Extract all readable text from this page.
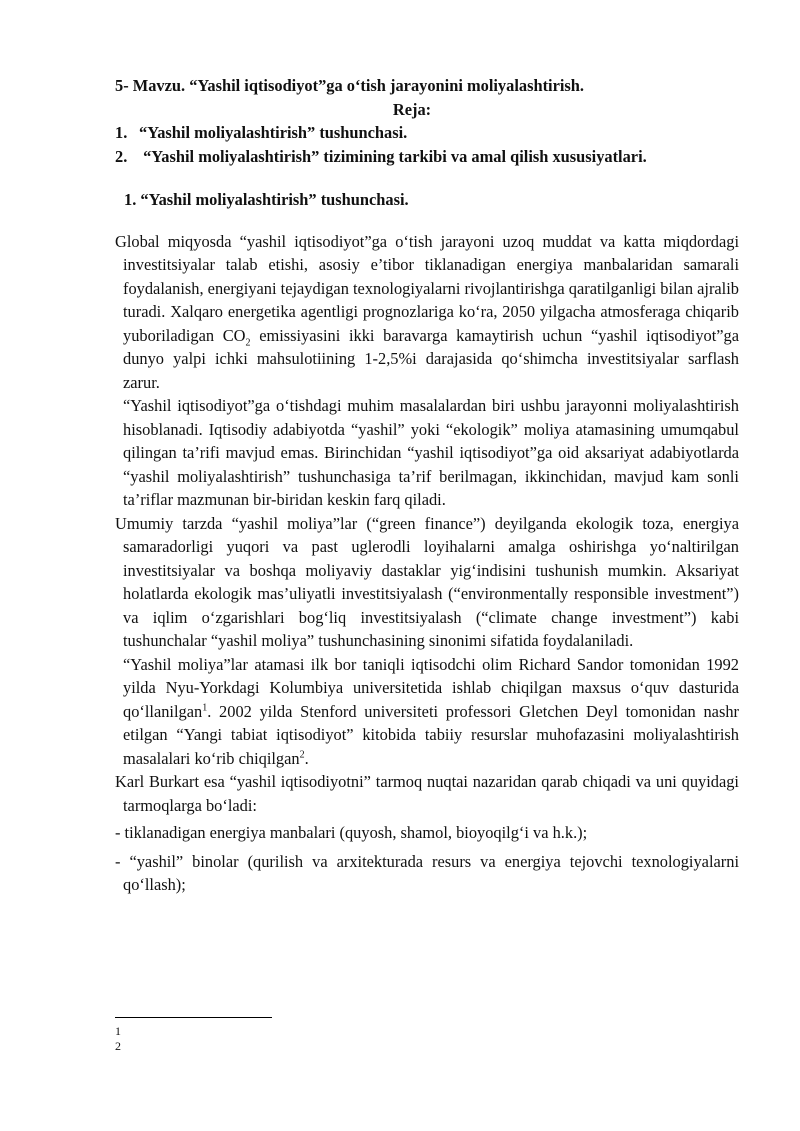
5- Mavzu. “Yashil iqtisodiyot”ga o‘tish jarayonini moliyalashtirish.

Reja:

1. “Yashil moliyalashtirish” tushunchasi.

2. “Yashil moliyalashtirish” tizimining tarkibi va amal qilish xususiyatlari.

1. “Yashil moliyalashtirish” tushunchasi.

Global miqyosda “yashil iqtisodiyot”ga o‘tish jarayoni uzoq muddat va katta miqdordagi investitsiyalar talab etishi, asosiy e’tibor tiklanadigan energiya manbalaridan samarali foydalanish, energiyani tejaydigan texnologiyalarni rivojlantirishga qaratilganligi bilan ajralib turadi. Xalqaro energetika agentligi prognozlariga ko‘ra, 2050 yilgacha atmosferaga chiqarib yuboriladigan $CO_2$ emissiyasini ikki baravarga kamaytirish uchun “yashil iqtisodiyot”ga dunyo yalpi ichki mahsulotiining 1-2,5%i darajasida qo‘shimcha investitsiyalar sarflash zarur.

“Yashil iqtisodiyot”ga o‘tishdagi muhim masalalardan biri ushbu jarayonni moliyalashtirish hisoblanadi. Iqtisodiy adabiyotda “yashil” yoki “ekologik” moliya atamasining umumqabul qilingan ta’rifi mavjud emas. Birinchidan “yashil iqtisodiyot”ga oid aksariyat adabiyotlarda “yashil moliyalashtirish” tushunchasiga ta’rif berilmagan, ikkinchidan, mavjud kam sonli ta’riflar mazmunan bir-biridan keskin farq qiladi.

Umumiy tarzda “yashil moliya”lar (“green finance”) deyilganda ekologik toza, energiya samaradorligi yuqori va past uglerodli loyihalarni amalga oshirishga yo‘naltirilgan investitsiyalar va boshqa moliyaviy dastaklar yig‘indisini tushunish mumkin. Aksariyat holatlarda ekologik mas’uliyatli investitsiyalash (“environmentally responsible investment”) va iqlim o‘zgarishlari bog‘liq investitsiyalash (“climate change investment”) kabi tushunchalar “yashil moliya” tushunchasining sinonimi sifatida foydalaniladi.

“Yashil moliya”lar atamasi ilk bor taniqli iqtisodchi olim Richard Sandor tomonidan 1992 yilda Nyu-Yorkdagi Kolumbiya universitetida ishlab chiqilgan maxsus o‘quv dasturida qo‘llanilgan$^1$. 2002 yilda Stenford universiteti professori Gletchen Deyl tomonidan nashr etilgan “Yangi tabiat iqtisodiyot” kitobida tabiiy resurslar muhofazasini moliyalashtirish masalalari ko‘rib chiqilgan$^2$.

Karl Burkart esa “yashil iqtisodiyotni” tarmoq nuqtai nazaridan qarab chiqadi va uni quyidagi tarmoqlarga bo‘ladi:

- tiklanadigan energiya manbalari (quyosh, shamol, bioyoqilg‘i va h.k.);

- “yashil” binolar (qurilish va arxitekturada resurs va energiya tejovchi texnologiyalarni qo‘llash);

1
2
